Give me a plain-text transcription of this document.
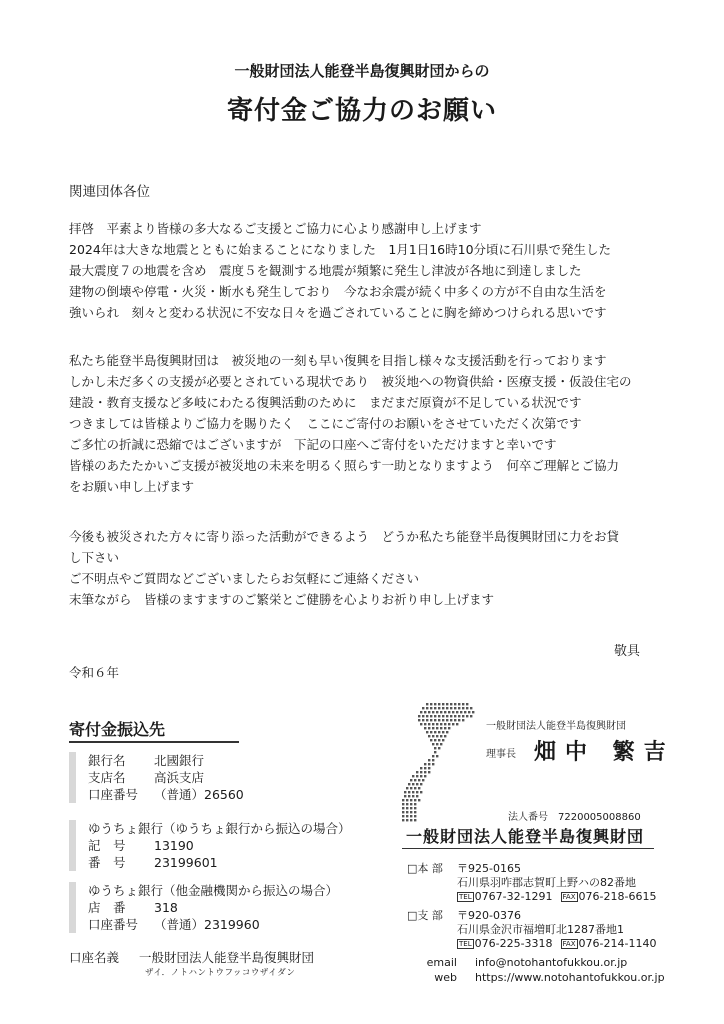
一般財団法人能登半島復興財団からの
寄付金ご協力のお願い
関連団体各位

拝啓　平素より皆様の多大なるご支援とご協力に心より感謝申し上げます

2024年は大きな地震とともに始まることになりました　1月1日16時10分頃に石川県で発生した

最大震度７の地震を含め　震度５を観測する地震が頻繁に発生し津波が各地に到達しました

建物の倒壊や停電・火災・断水も発生しており　今なお余震が続く中多くの方が不自由な生活を

強いられ　刻々と変わる状況に不安な日々を過ごされていることに胸を締めつけられる思いです

私たち能登半島復興財団は　被災地の一刻も早い復興を目指し様々な支援活動を行っております

しかし未だ多くの支援が必要とされている現状であり　被災地への物資供給・医療支援・仮設住宅の

建設・教育支援など多岐にわたる復興活動のために　まだまだ原資が不足している状況です

つきましては皆様よりご協力を賜りたく　ここにご寄付のお願いをさせていただく次第です

ご多忙の折誠に恐縮ではございますが　下記の口座へご寄付をいただけますと幸いです

皆様のあたたかいご支援が被災地の未来を明るく照らす一助となりますよう　何卒ご理解とご協力

をお願い申し上げます

今後も被災された方々に寄り添った活動ができるよう　どうか私たち能登半島復興財団に力をお貸

し下さい

ご不明点やご質問などございましたらお気軽にご連絡ください

末筆ながら　皆様のますますのご繁栄とご健勝を心よりお祈り申し上げます

敬具
令和６年
寄付金振込先
銀行名	北國銀行
支店名	高浜支店
口座番号	（普通）26560
ゆうちょ銀行（ゆうちょ銀行から振込の場合）
記　号	13190
番　号	23199601
ゆうちょ銀行（他金融機関から振込の場合）
店　番	318
口座番号	（普通）2319960
口座名義 一般財団法人能登半島復興財団
ザイ．ノトハントウフッコウザイダン
一般財団法人能登半島復興財団
理事長 畑中 繁吉
法人番号　7220005008860
一般財団法人能登半島復興財団
□本 部 〒925-0165
石川県羽咋郡志賀町上野ハの82番地
TEL 0767-32-1291 FAX 076-218-6615
□支 部 〒920-0376
石川県金沢市福増町北1287番地1
TEL 076-225-3318 FAX 076-214-1140
email info@notohantofukkou.or.jp
web https://www.notohantofukkou.or.jp
